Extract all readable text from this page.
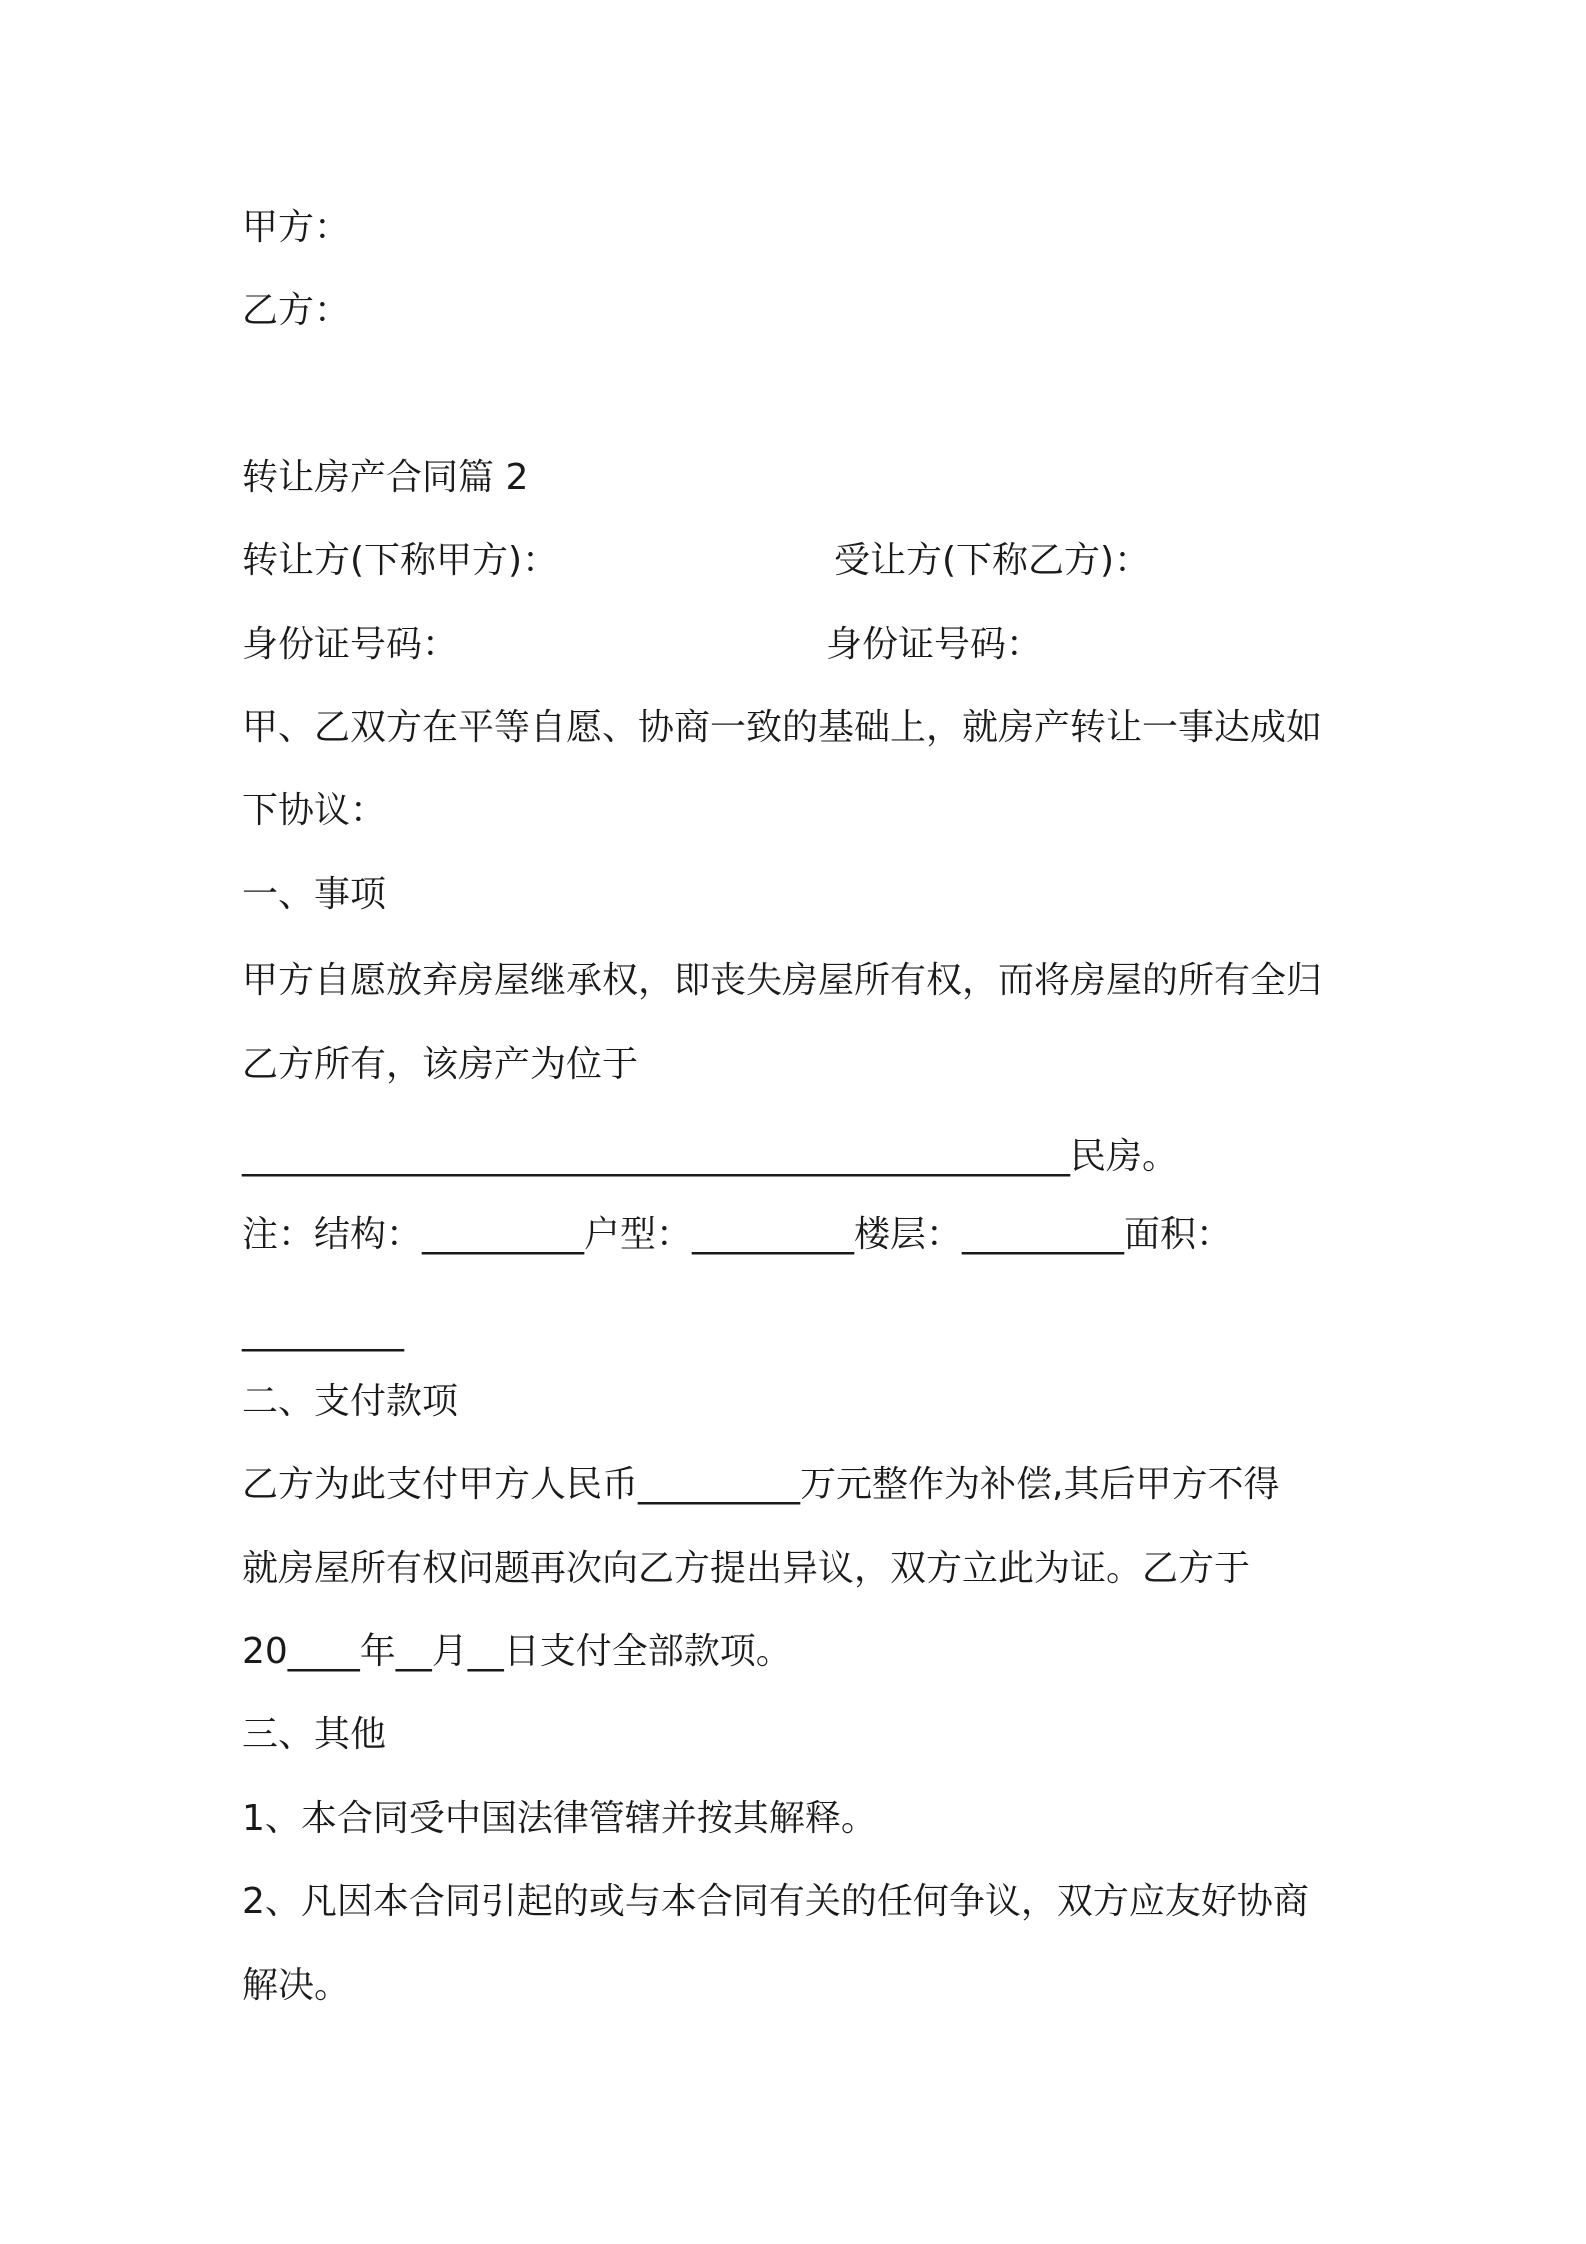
甲方：
乙方：
转让房产合同篇 2
转让方(下称甲方)：	受让方(下称乙方)：
身份证号码：	身份证号码：
甲、乙双方在平等自愿、协商一致的基础上，就房产转让一事达成如
下协议：
一、事项
甲方自愿放弃房屋继承权，即丧失房屋所有权，而将房屋的所有全归
乙方所有，该房产为位于
______________________________________________民房。
注：结构：_________户型：_________楼层：_________面积：
_________
二、支付款项
乙方为此支付甲方人民币_________万元整作为补偿,其后甲方不得
就房屋所有权问题再次向乙方提出异议，双方立此为证。乙方于
20____年__月__日支付全部款项。
三、其他
1、本合同受中国法律管辖并按其解释。
2、凡因本合同引起的或与本合同有关的任何争议，双方应友好协商
解决。
